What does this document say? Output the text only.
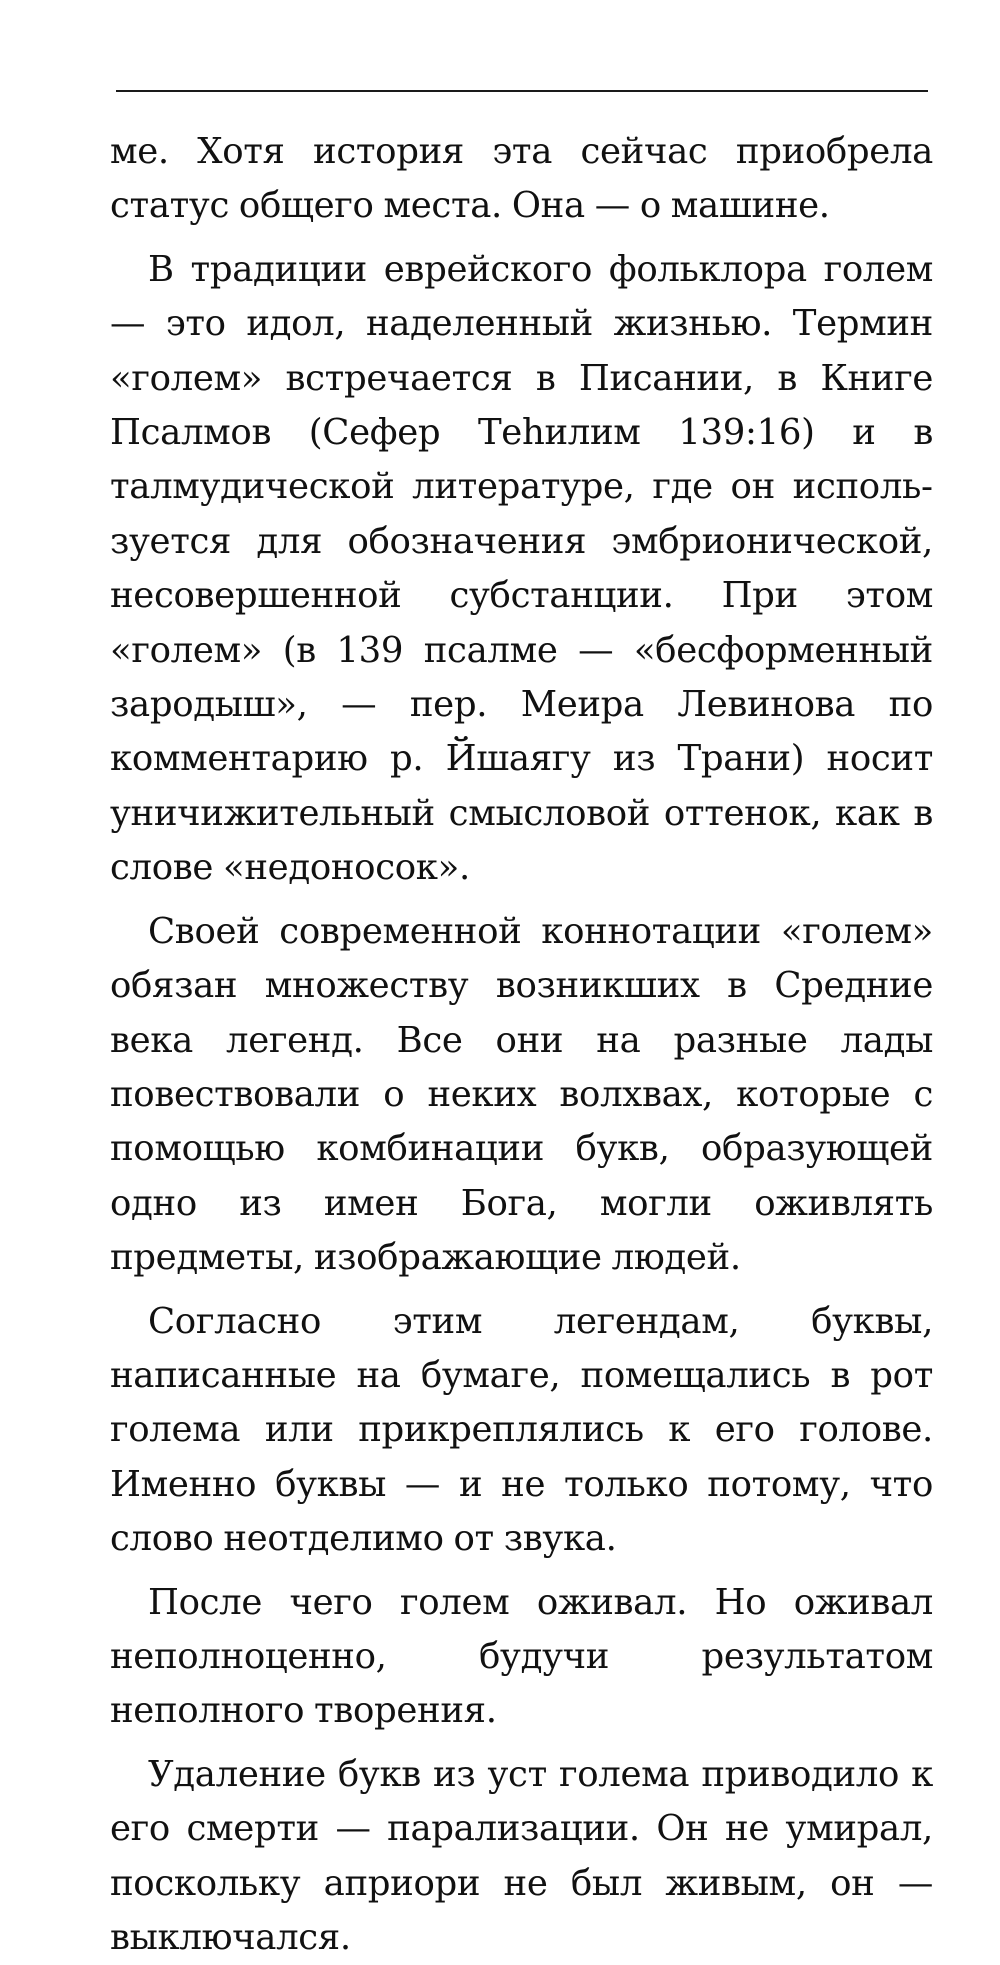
ме. Хотя история эта сейчас приобрела статус общего места. Она — о машине.

В традиции еврейского фольклора голем — это идол, наделенный жизнью. Термин «голем» встречается в Писании, в Книге Псалмов (Сефер Теһилим 139:16) и в талмудической литературе, где он используется для обозначения эмбрионической, несовершенной субстанции. При этом «голем» (в 139 псалме — «бесформенный зародыш», — пер. Меира Левинова по комментарию р. Йшаягу из Трани) носит уничижительный смысловой оттенок, как в слове «недоносок».

Своей современной коннотации «голем» обязан множеству возникших в Средние века легенд. Все они на разные лады повествовали о неких волхвах, которые с помощью комбинации букв, образующей одно из имен Бога, могли оживлять предметы, изображающие людей.

Согласно этим легендам, буквы, написанные на бумаге, помещались в рот голема или прикреплялись к его голове. Именно буквы — и не только потому, что слово неотделимо от звука.

После чего голем оживал. Но оживал неполноценно, будучи результатом неполного творения.

Удаление букв из уст голема приводило к его смерти — парализации. Он не умирал, поскольку априори не был живым, он — выключался.
